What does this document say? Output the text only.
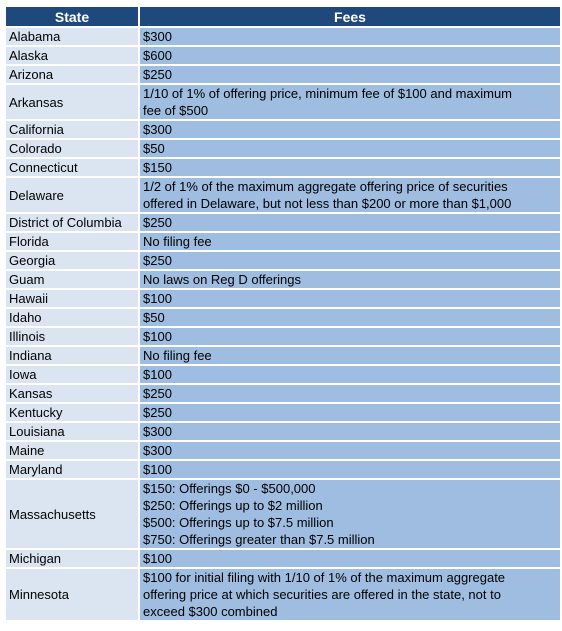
State	Fees
Alabama	$300

Alaska	$600

Arizona	$250

Arkansas	1/10 of 1% of offering price, minimum fee of $100 and maximum
fee of $500

California	$300

Colorado	$50

Connecticut	$150

Delaware	1/2 of 1% of the maximum aggregate offering price of securities
offered in Delaware, but not less than $200 or more than $1,000

District of Columbia	$250

Florida	No filing fee

Georgia	$250

Guam	No laws on Reg D offerings

Hawaii	$100

Idaho	$50

Illinois	$100

Indiana	No filing fee

Iowa	$100

Kansas	$250

Kentucky	$250

Louisiana	$300

Maine	$300

Maryland	$100

Massachusetts	$150: Offerings $0 - $500,000
$250: Offerings up to $2 million
$500: Offerings up to $7.5 million
$750: Offerings greater than $7.5 million

Michigan	$100

Minnesota	$100 for initial filing with 1/10 of 1% of the maximum aggregate
offering price at which securities are offered in the state, not to
exceed $300 combined
